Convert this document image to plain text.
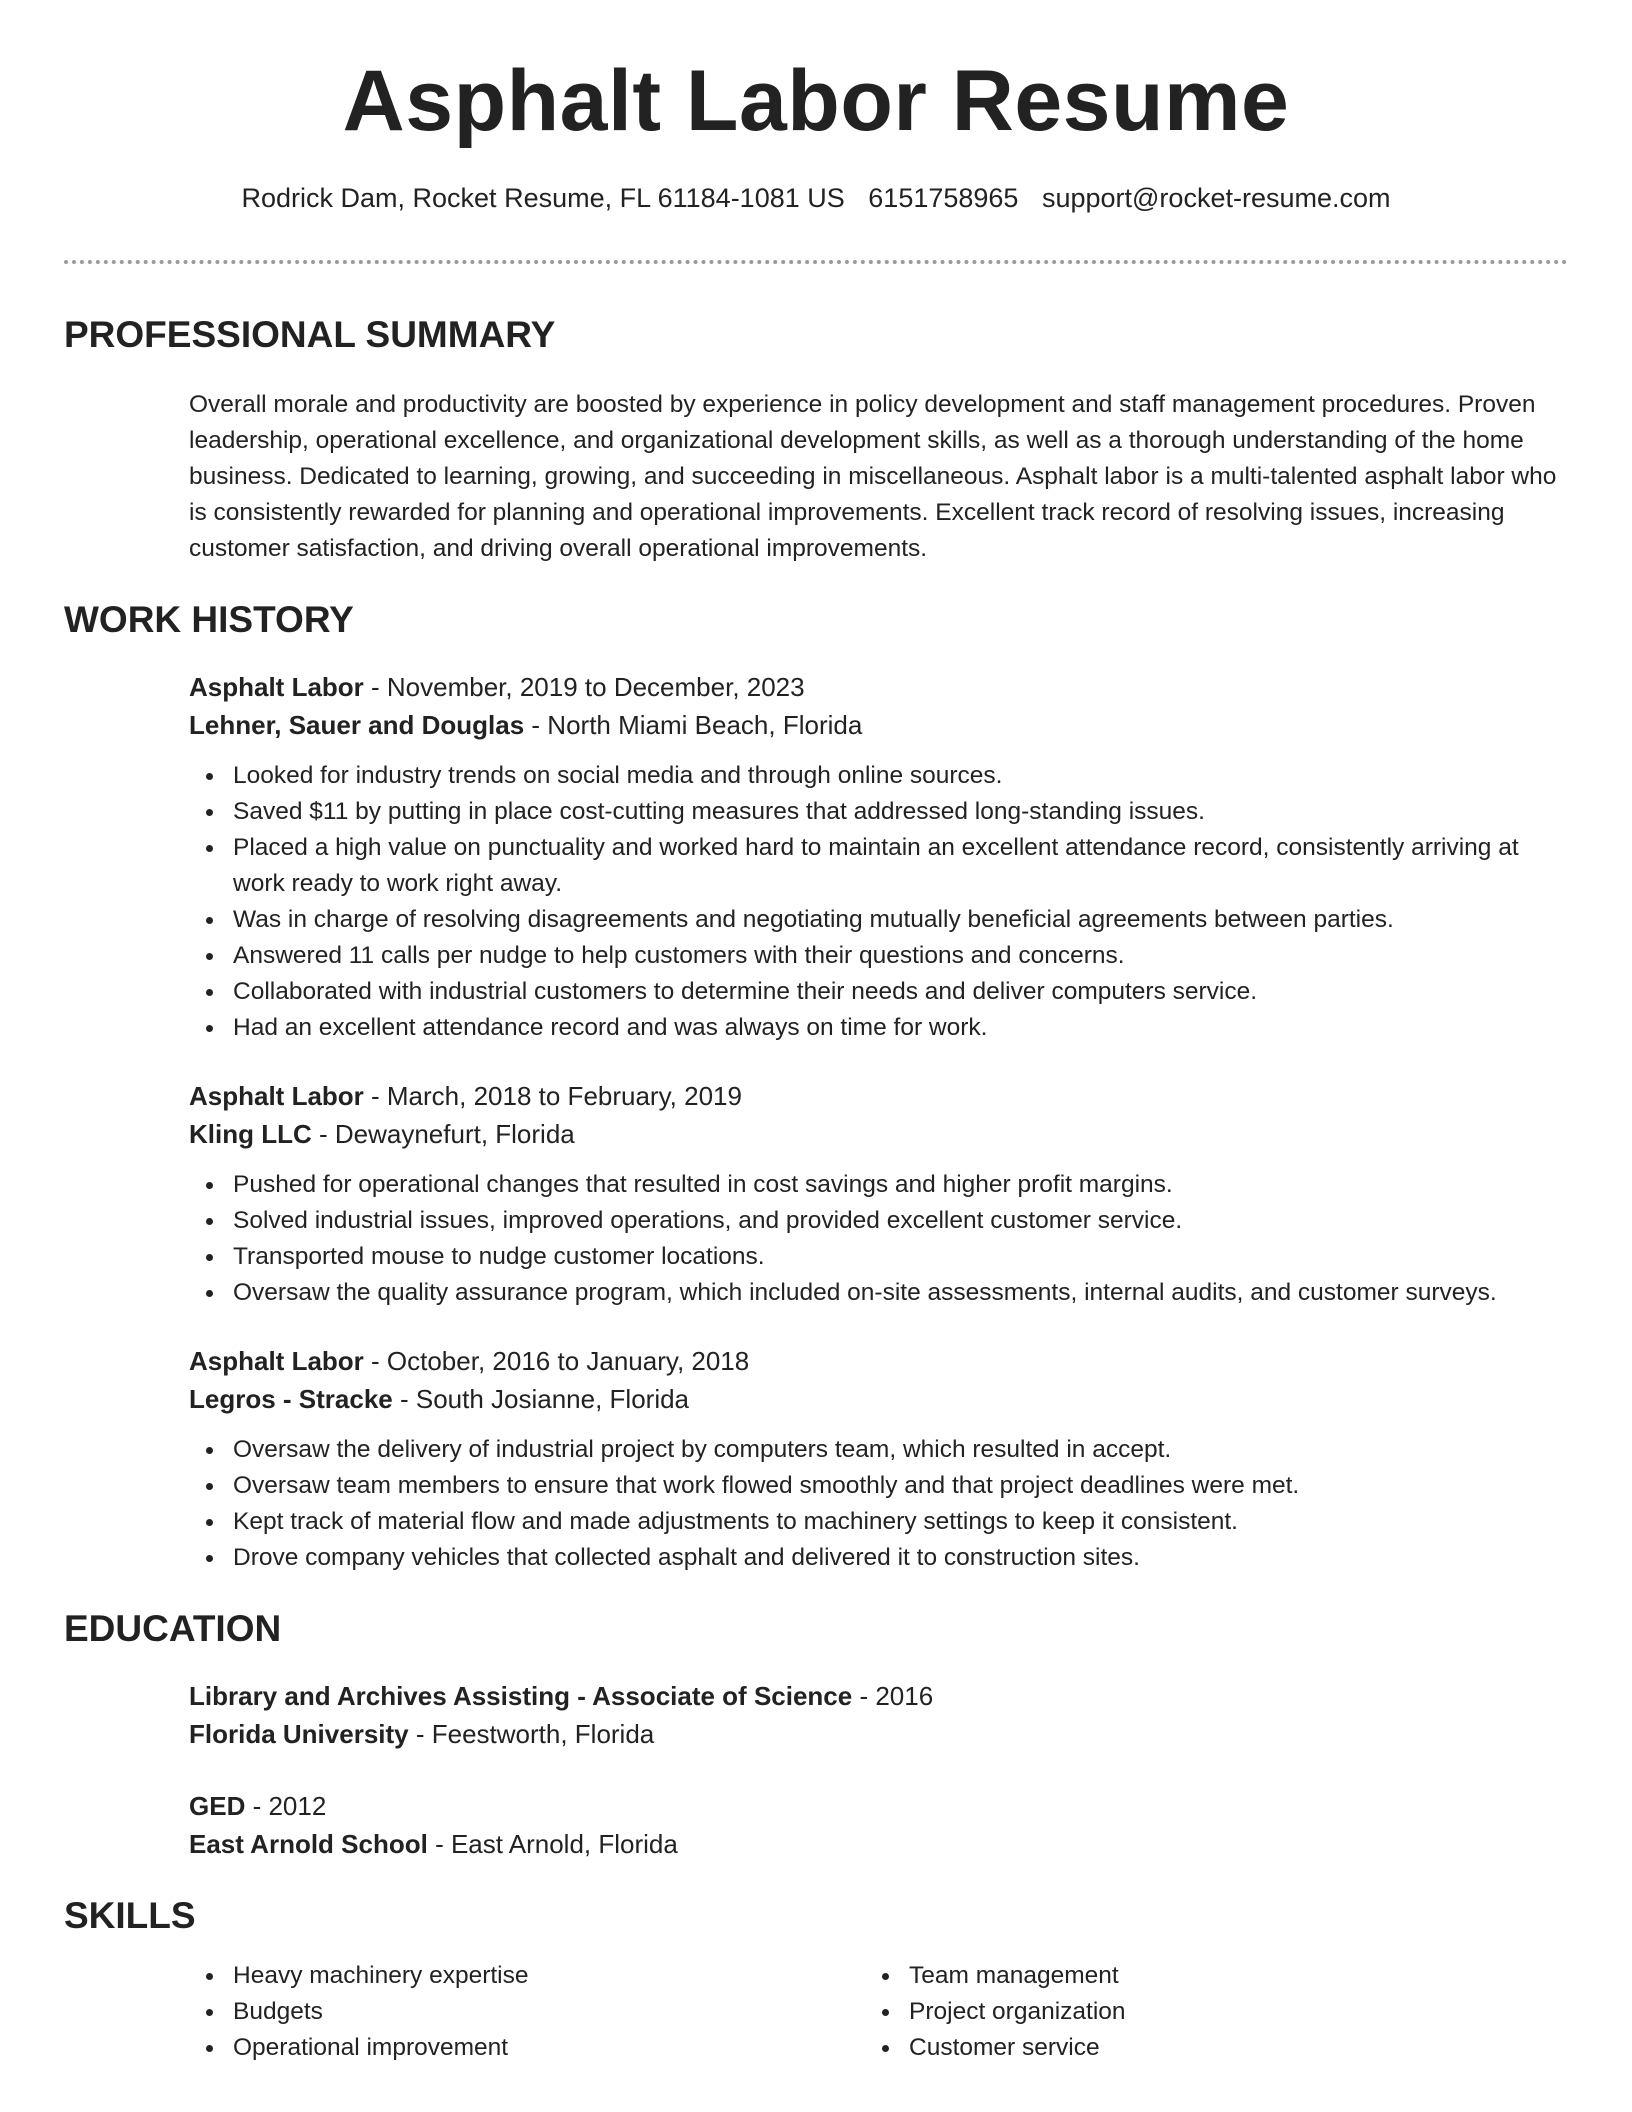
Asphalt Labor Resume
Rodrick Dam, Rocket Resume, FL 61184-1081 US 6151758965 support@rocket-resume.com
PROFESSIONAL SUMMARY

Overall morale and productivity are boosted by experience in policy development and staff management procedures. Proven leadership, operational excellence, and organizational development skills, as well as a thorough understanding of the home business. Dedicated to learning, growing, and succeeding in miscellaneous. Asphalt labor is a multi-talented asphalt labor who is consistently rewarded for planning and operational improvements. Excellent track record of resolving issues, increasing customer satisfaction, and driving overall operational improvements.

WORK HISTORY
Asphalt Labor - November, 2019 to December, 2023
Lehner, Sauer and Douglas - North Miami Beach, Florida
Looked for industry trends on social media and through online sources.
Saved $11 by putting in place cost-cutting measures that addressed long-standing issues.
Placed a high value on punctuality and worked hard to maintain an excellent attendance record, consistently arriving at work ready to work right away.
Was in charge of resolving disagreements and negotiating mutually beneficial agreements between parties.
Answered 11 calls per nudge to help customers with their questions and concerns.
Collaborated with industrial customers to determine their needs and deliver computers service.
Had an excellent attendance record and was always on time for work.
Asphalt Labor - March, 2018 to February, 2019
Kling LLC - Dewaynefurt, Florida
Pushed for operational changes that resulted in cost savings and higher profit margins.
Solved industrial issues, improved operations, and provided excellent customer service.
Transported mouse to nudge customer locations.
Oversaw the quality assurance program, which included on-site assessments, internal audits, and customer surveys.
Asphalt Labor - October, 2016 to January, 2018
Legros - Stracke - South Josianne, Florida
Oversaw the delivery of industrial project by computers team, which resulted in accept.
Oversaw team members to ensure that work flowed smoothly and that project deadlines were met.
Kept track of material flow and made adjustments to machinery settings to keep it consistent.
Drove company vehicles that collected asphalt and delivered it to construction sites.
EDUCATION
Library and Archives Assisting - Associate of Science - 2016
Florida University - Feestworth, Florida
GED - 2012
East Arnold School - East Arnold, Florida
SKILLS
Heavy machinery expertise
Budgets
Operational improvement
Team management
Project organization
Customer service
